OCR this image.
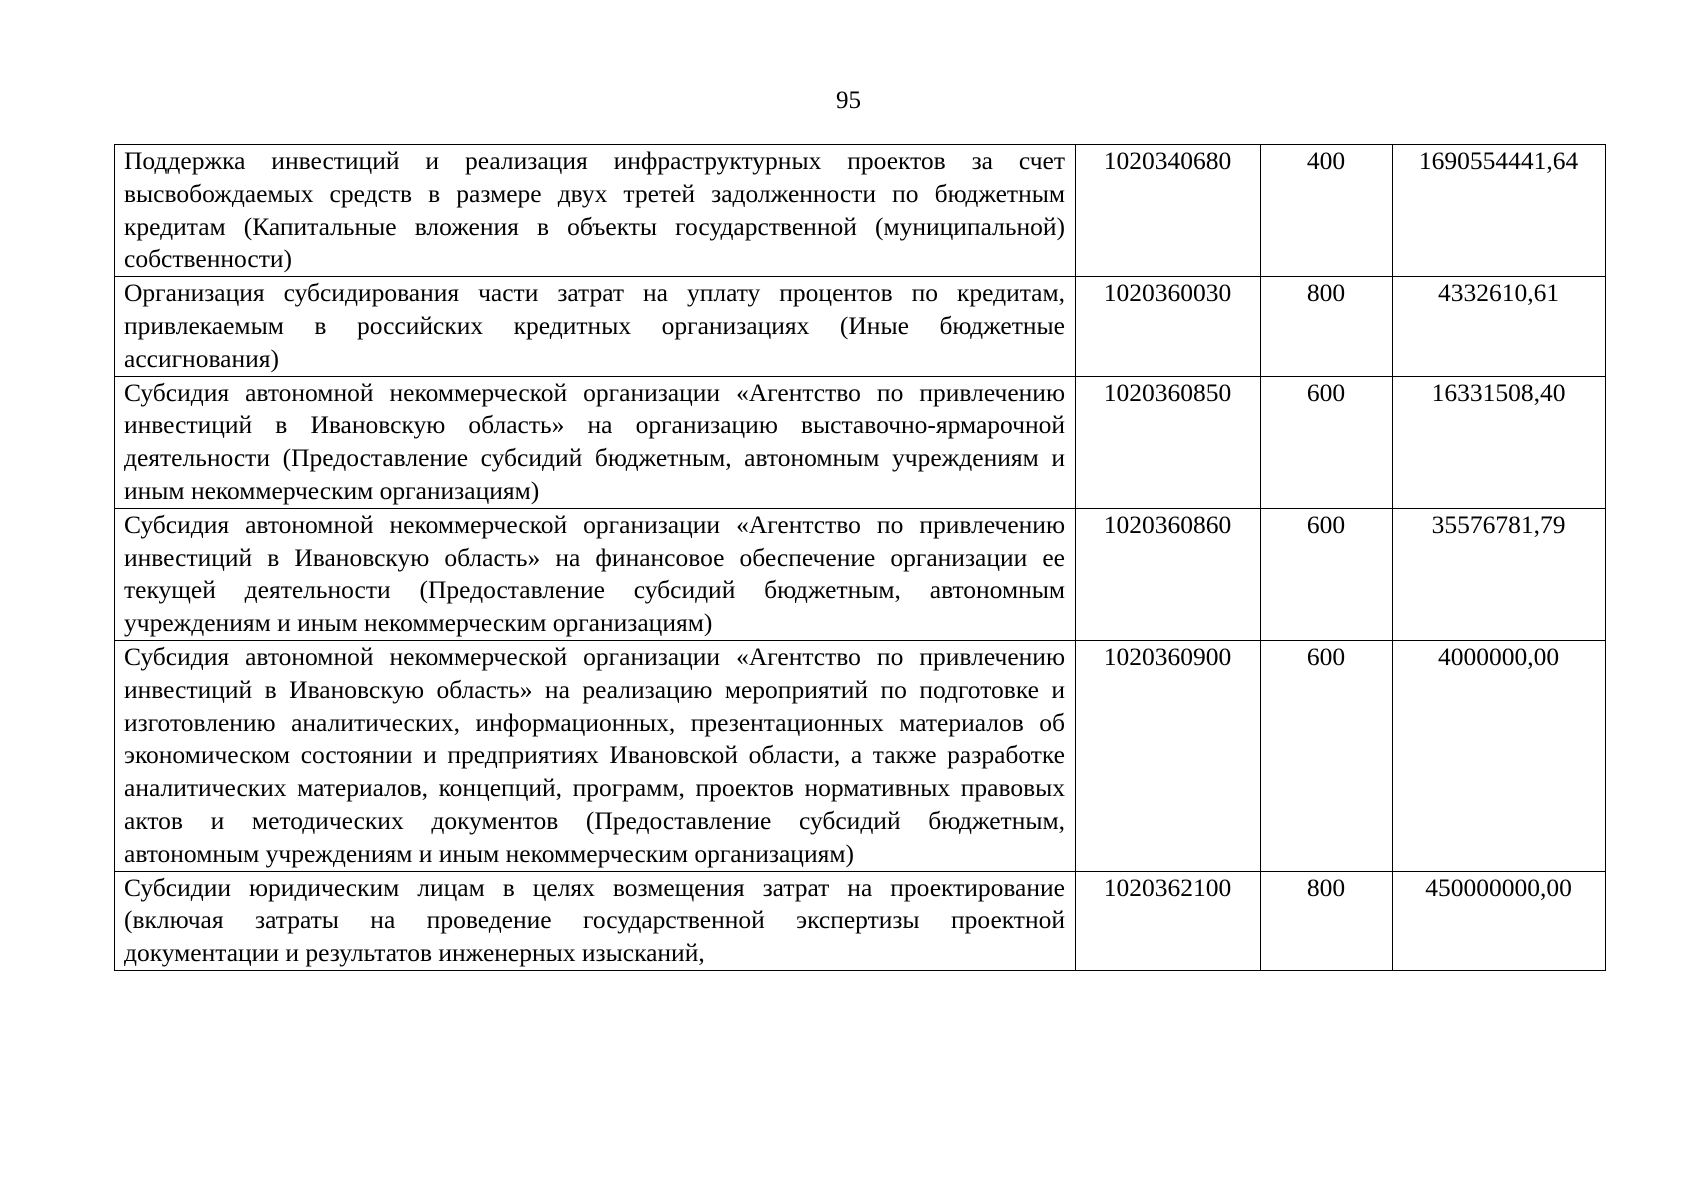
95
Поддержка инвестиций и реализация инфраструктурных проектов за счет высвобождаемых средств в размере двух третей задолженности по бюджетным кредитам (Капитальные вложения в объекты государственной (муниципальной) собственности)	1020340680	400	1690554441,64
Организация субсидирования части затрат на уплату процентов по кредитам, привлекаемым в российских кредитных организациях (Иные бюджетные ассигнования)	1020360030	800	4332610,61
Субсидия автономной некоммерческой организации «Агентство по привлечению инвестиций в Ивановскую область» на организацию выставочно-ярмарочной деятельности (Предоставление субсидий бюджетным, автономным учреждениям и иным некоммерческим организациям)	1020360850	600	16331508,40
Субсидия автономной некоммерческой организации «Агентство по привлечению инвестиций в Ивановскую область» на финансовое обеспечение организации ее текущей деятельности (Предоставление субсидий бюджетным, автономным учреждениям и иным некоммерческим организациям)	1020360860	600	35576781,79
Субсидия автономной некоммерческой организации «Агентство по привлечению инвестиций в Ивановскую область» на реализацию мероприятий по подготовке и изготовлению аналитических, информационных, презентационных материалов об экономическом состоянии и предприятиях Ивановской области, а также разработке аналитических материалов, концепций, программ, проектов нормативных правовых актов и методических документов (Предоставление субсидий бюджетным, автономным учреждениям и иным некоммерческим организациям)	1020360900	600	4000000,00
Субсидии юридическим лицам в целях возмещения затрат на проектирование (включая затраты на проведение государственной экспертизы проектной документации и результатов инженерных изысканий,	1020362100	800	450000000,00
